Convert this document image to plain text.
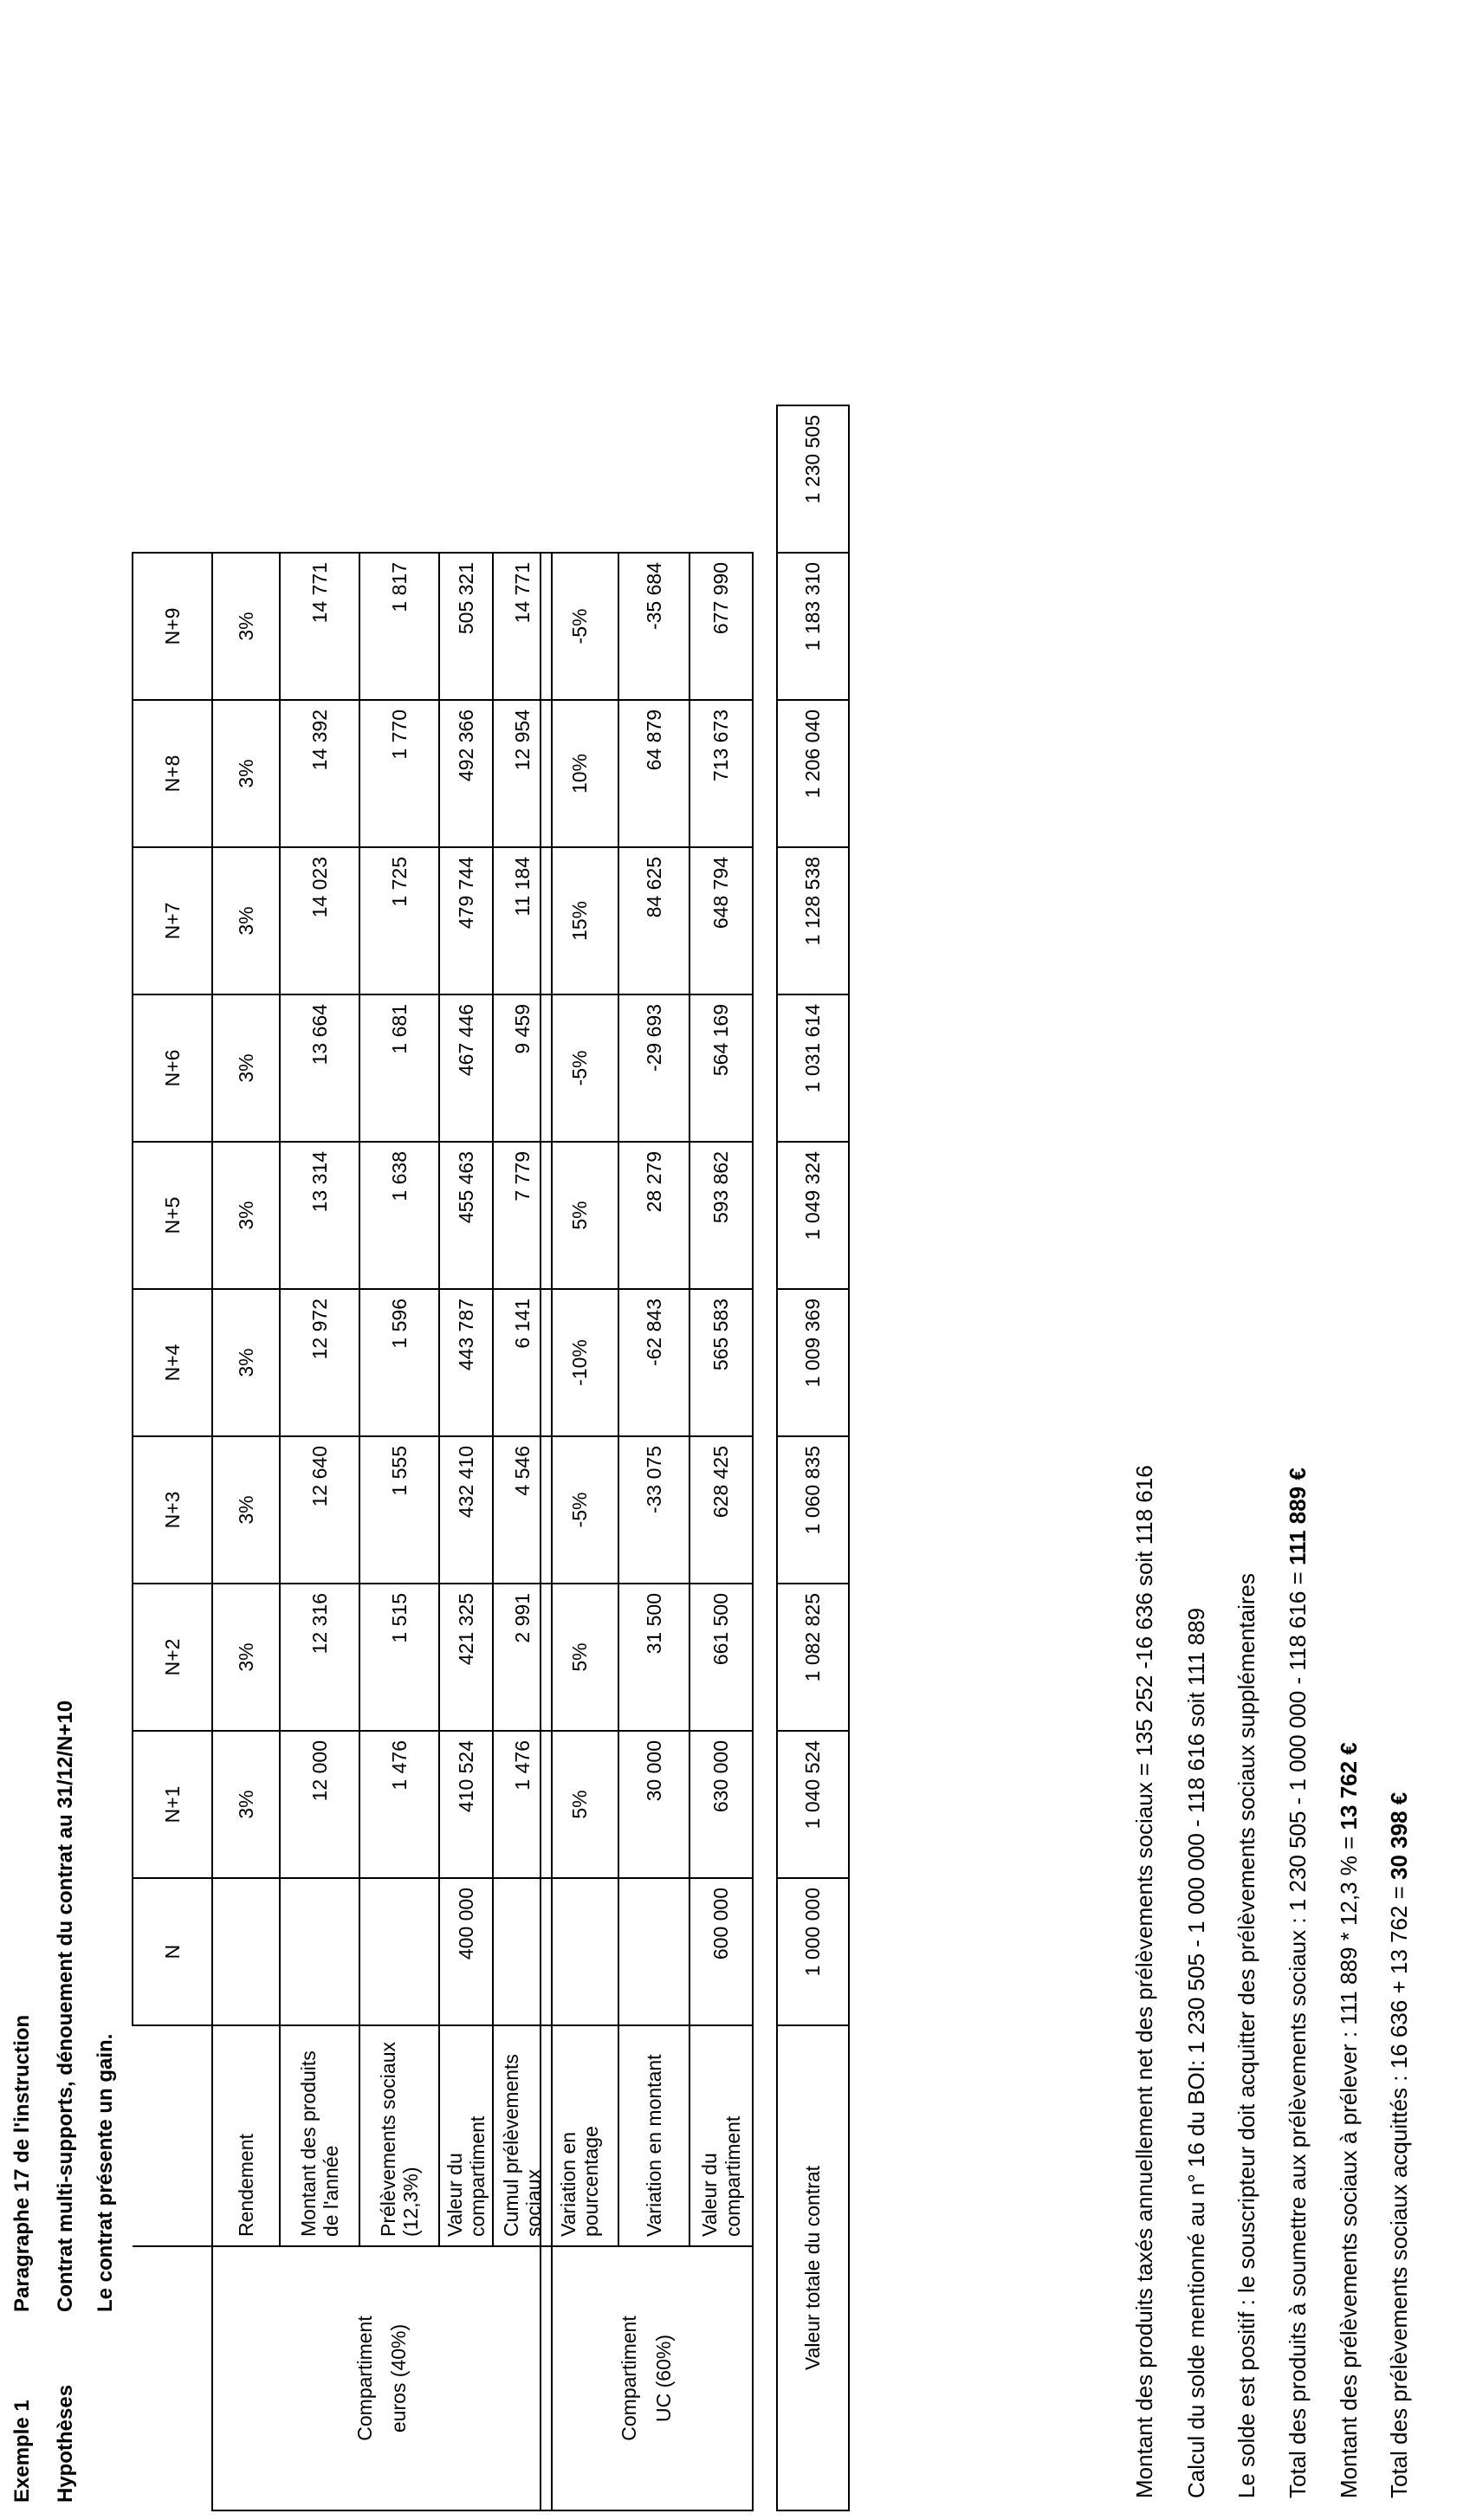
Exemple 1
Paragraphe 17 de l'instruction
Hypothèses
Contrat multi-supports, dénouement du contrat au 31/12/N+10 Le contrat présente un gain.
		N	N+1	N+2	N+3	N+4	N+5	N+6	N+7	N+8	N+9	

Compartiment euros (40%)	Rendement		3%	3%	3%	3%	3%	3%	3%	3%	3%	
	Montant des produits de l'année		12 000	12 316	12 640	12 972	13 314	13 664	14 023	14 392	14 771	
	Prélèvements sociaux (12,3%)		1 476	1 515	1 555	1 596	1 638	1 681	1 725	1 770	1 817	
	Valeur du compartiment	400 000	410 524	421 325	432 410	443 787	455 463	467 446	479 744	492 366	505 321	
	Cumul prélèvements sociaux		1 476	2 991	4 546	6 141	7 779	9 459	11 184	12 954	14 771	
Compartiment UC (60%)	Variation en pourcentage		5%	5%	-5%	-10%	5%	-5%	15%	10%	-5%	
	Variation en montant		30 000	31 500	-33 075	-62 843	28 279	-29 693	84 625	64 879	-35 684	
	Valeur du compartiment	600 000	630 000	661 500	628 425	565 583	593 862	564 169	648 794	713 673	677 990	
Valeur totale du contrat	1 000 000	1 040 524	1 082 825	1 060 835	1 009 369	1 049 324	1 031 614	1 128 538	1 206 040	1 183 310	1 230 505
Montant des produits taxés annuellement net des prélèvements sociaux = 135 252 -16 636 soit 118 616 Calcul du solde mentionné au n° 16 du BOI: 1 230 505 - 1 000 000 - 118 616 soit 111 889 Le solde est positif : le souscripteur doit acquitter des prélèvements sociaux supplémentaires Total des produits à soumettre aux prélèvements sociaux : 1 230 505 - 1 000 000 - 118 616 = 111 889 €
Montant des prélèvements sociaux à prélever : 111 889 * 12,3 % = 13 762 €
Total des prélèvements sociaux acquittés : 16 636 + 13 762 = 30 398 €
